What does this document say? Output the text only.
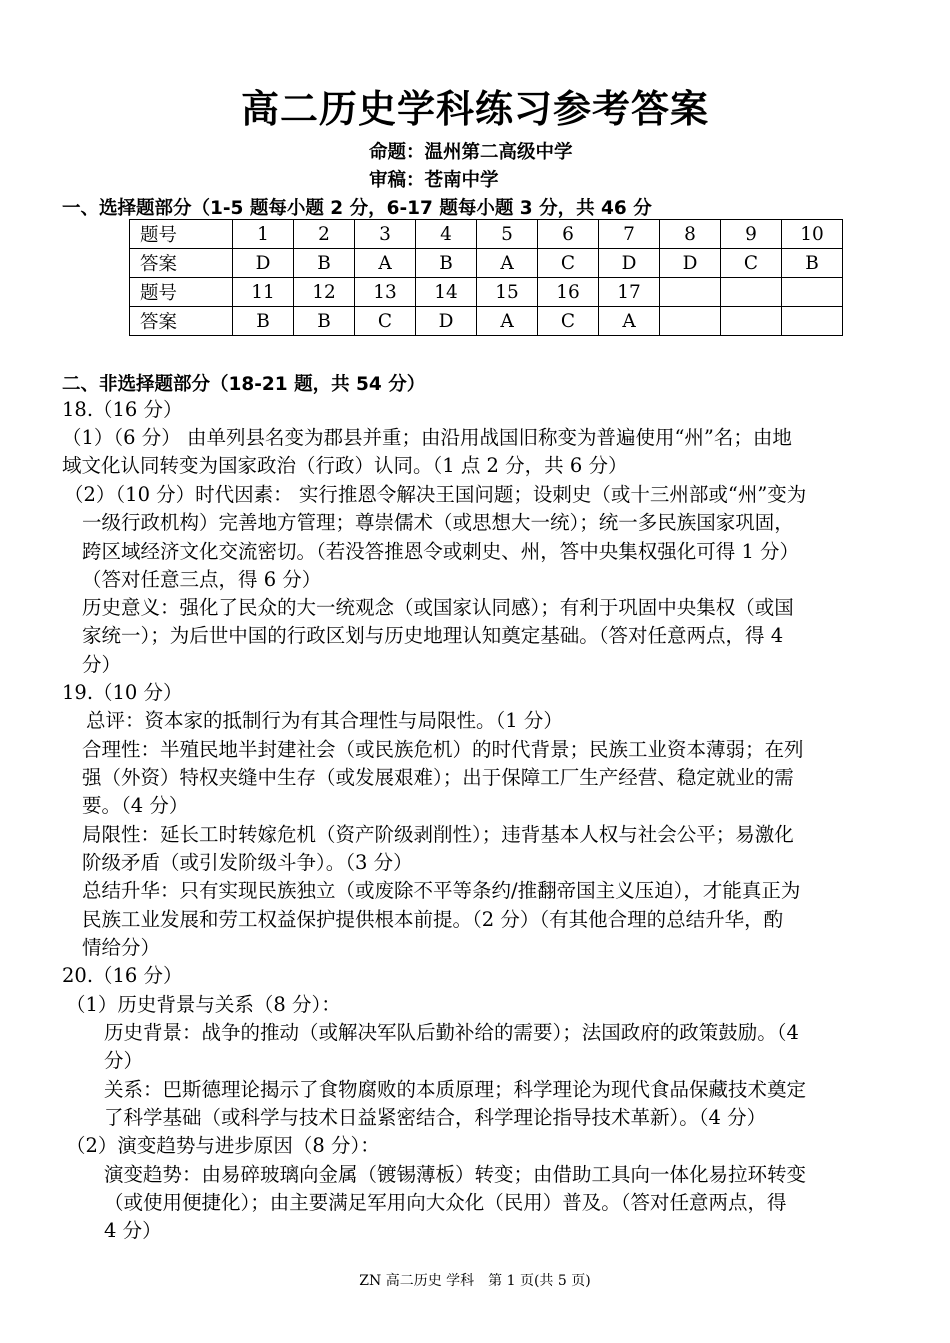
高二历史学科练习参考答案
命题：温州第二高级中学
审稿：苍南中学
一、选择题部分（1-5 题每小题 2 分，6-17 题每小题 3 分，共 46 分
题号	1	2	3	4	5	6	7	8	9	10
答案	D	B	A	B	A	C	D	D	C	B
题号	11	12	13	14	15	16	17			
答案	B	B	C	D	A	C	A			
二、非选择题部分（18-21 题，共 54 分）
18.（16 分）
（1）（6 分） 由单列县名变为郡县并重；由沿用战国旧称变为普遍使用“州”名；由地
域文化认同转变为国家政治（行政）认同。（1 点 2 分，共 6 分）
（2）（10 分）时代因素： 实行推恩令解决王国问题；设刺史（或十三州部或“州”变为
一级行政机构）完善地方管理；尊崇儒术（或思想大一统）；统一多民族国家巩固，
跨区域经济文化交流密切。（若没答推恩令或刺史、州，答中央集权强化可得 1 分）
（答对任意三点，得 6 分）
历史意义：强化了民众的大一统观念（或国家认同感）；有利于巩固中央集权（或国
家统一）；为后世中国的行政区划与历史地理认知奠定基础。（答对任意两点，得 4
分）
19.（10 分）
总评：资本家的抵制行为有其合理性与局限性。（1 分）
合理性：半殖民地半封建社会（或民族危机）的时代背景；民族工业资本薄弱；在列
强（外资）特权夹缝中生存（或发展艰难）；出于保障工厂生产经营、稳定就业的需
要。（4 分）
局限性：延长工时转嫁危机（资产阶级剥削性）；违背基本人权与社会公平；易激化
阶级矛盾（或引发阶级斗争）。（3 分）
总结升华：只有实现民族独立（或废除不平等条约/推翻帝国主义压迫），才能真正为
民族工业发展和劳工权益保护提供根本前提。（2 分）（有其他合理的总结升华，酌
情给分）
20.（16 分）
（1）历史背景与关系（8 分）：
历史背景：战争的推动（或解决军队后勤补给的需要）；法国政府的政策鼓励。（4
分）
关系：巴斯德理论揭示了食物腐败的本质原理；科学理论为现代食品保藏技术奠定
了科学基础（或科学与技术日益紧密结合，科学理论指导技术革新）。（4 分）
（2）演变趋势与进步原因（8 分）：
演变趋势：由易碎玻璃向金属（镀锡薄板）转变；由借助工具向一体化易拉环转变
（或使用便捷化）；由主要满足军用向大众化（民用）普及。（答对任意两点，得
4 分）
ZN 高二历史 学科　第 1 页(共 5 页)
